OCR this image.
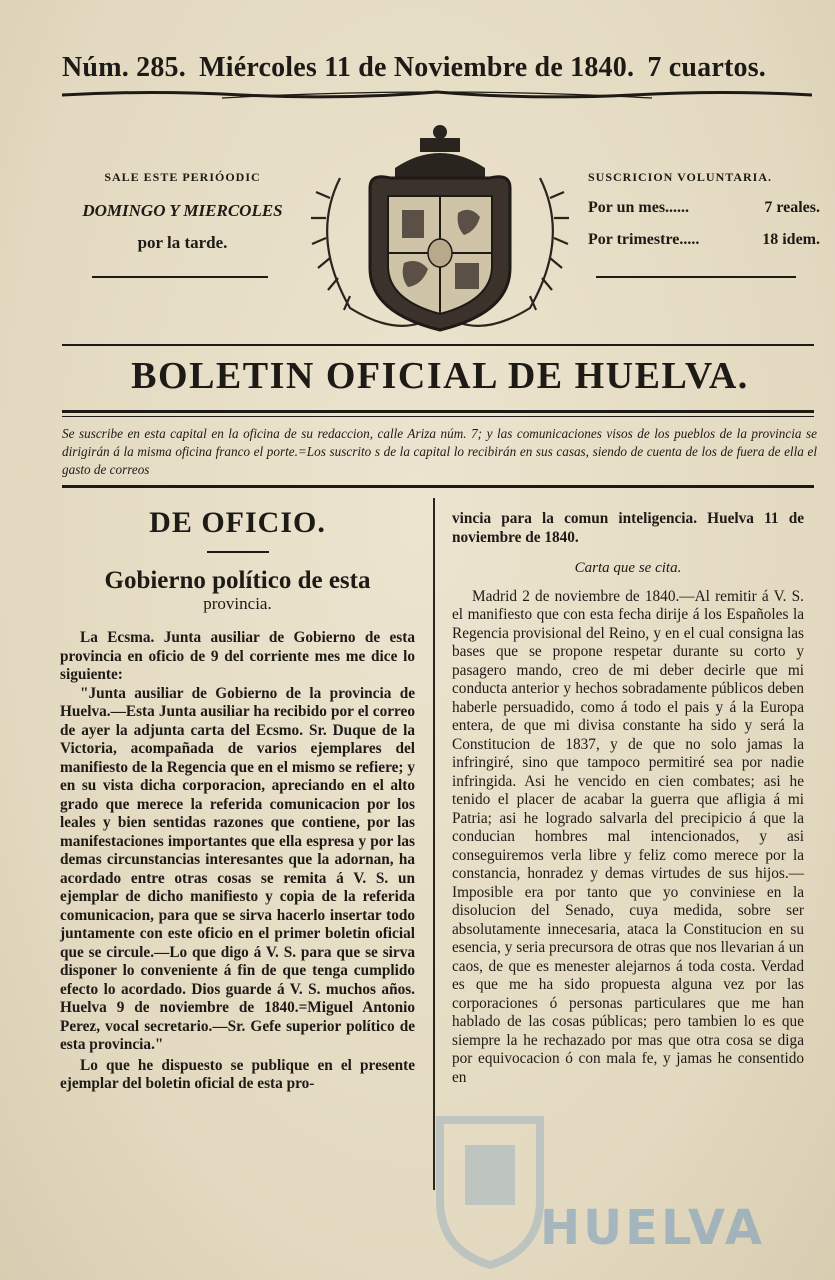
Núm. 285. Miércoles 11 de Noviembre de 1840. 7 cuartos.
SALE ESTE PERIÓODIC
DOMINGO Y MIERCOLES
por la tarde.
SUSCRICION VOLUNTARIA.
Por un mes......	7 reales.
Por trimestre.....	18 idem.
BOLETIN OFICIAL DE HUELVA.
Se suscribe en esta capital en la oficina de su redaccion, calle Ariza núm. 7; y las comunicaciones visos de los pueblos de la provincia se dirigirán á la misma oficina franco el porte.=Los suscrito s de la capital lo recibirán en sus casas, siendo de cuenta de los de fuera de ella el gasto de correos
DE OFICIO.
Gobierno político de esta
provincia.

La Ecsma. Junta ausiliar de Gobierno de esta provincia en oficio de 9 del corriente mes me dice lo siguiente:

"Junta ausiliar de Gobierno de la provincia de Huelva.—Esta Junta ausiliar ha recibido por el correo de ayer la adjunta carta del Ecsmo. Sr. Duque de la Victoria, acompañada de varios ejemplares del manifiesto de la Regencia que en el mismo se refiere; y en su vista dicha corporacion, apreciando en el alto grado que merece la referida comunicacion por los leales y bien sentidas razones que contiene, por las manifestaciones importantes que ella espresa y por las demas circunstancias interesantes que la adornan, ha acordado entre otras cosas se remita á V. S. un ejemplar de dicho manifiesto y copia de la referida comunicacion, para que se sirva hacerlo insertar todo juntamente con este oficio en el primer boletin oficial que se circule.—Lo que digo á V. S. para que se sirva disponer lo conveniente á fin de que tenga cumplido efecto lo acordado. Dios guarde á V. S. muchos años. Huelva 9 de noviembre de 1840.=Miguel Antonio Perez, vocal secretario.—Sr. Gefe superior político de esta provincia."

Lo que he dispuesto se publique en el presente ejemplar del boletin oficial de esta pro-

vincia para la comun inteligencia. Huelva 11 de noviembre de 1840.

Carta que se cita.

Madrid 2 de noviembre de 1840.—Al remitir á V. S. el manifiesto que con esta fecha dirije á los Españoles la Regencia provisional del Reino, y en el cual consigna las bases que se propone respetar durante su corto y pasagero mando, creo de mi deber decirle que mi conducta anterior y hechos sobradamente públicos deben haberle persuadido, como á todo el pais y á la Europa entera, de que mi divisa constante ha sido y será la Constitucion de 1837, y de que no solo jamas la infringiré, sino que tampoco permitiré sea por nadie infringida. Asi he vencido en cien combates; asi he tenido el placer de acabar la guerra que afligia á mi Patria; asi he logrado salvarla del precipicio á que la conducian hombres mal intencionados, y asi conseguiremos verla libre y feliz como merece por la constancia, honradez y demas virtudes de sus hijos.—Imposible era por tanto que yo conviniese en la disolucion del Senado, cuya medida, sobre ser absolutamente innecesaria, ataca la Constitucion en su esencia, y seria precursora de otras que nos llevarian á un caos, de que es menester alejarnos á toda costa. Verdad es que me ha sido propuesta alguna vez por las corporaciones ó personas particulares que me han hablado de las cosas públicas; pero tambien lo es que siempre la he rechazado por mas que otra cosa se diga por equivocacion ó con mala fe, y jamas he consentido en

HUELVA
